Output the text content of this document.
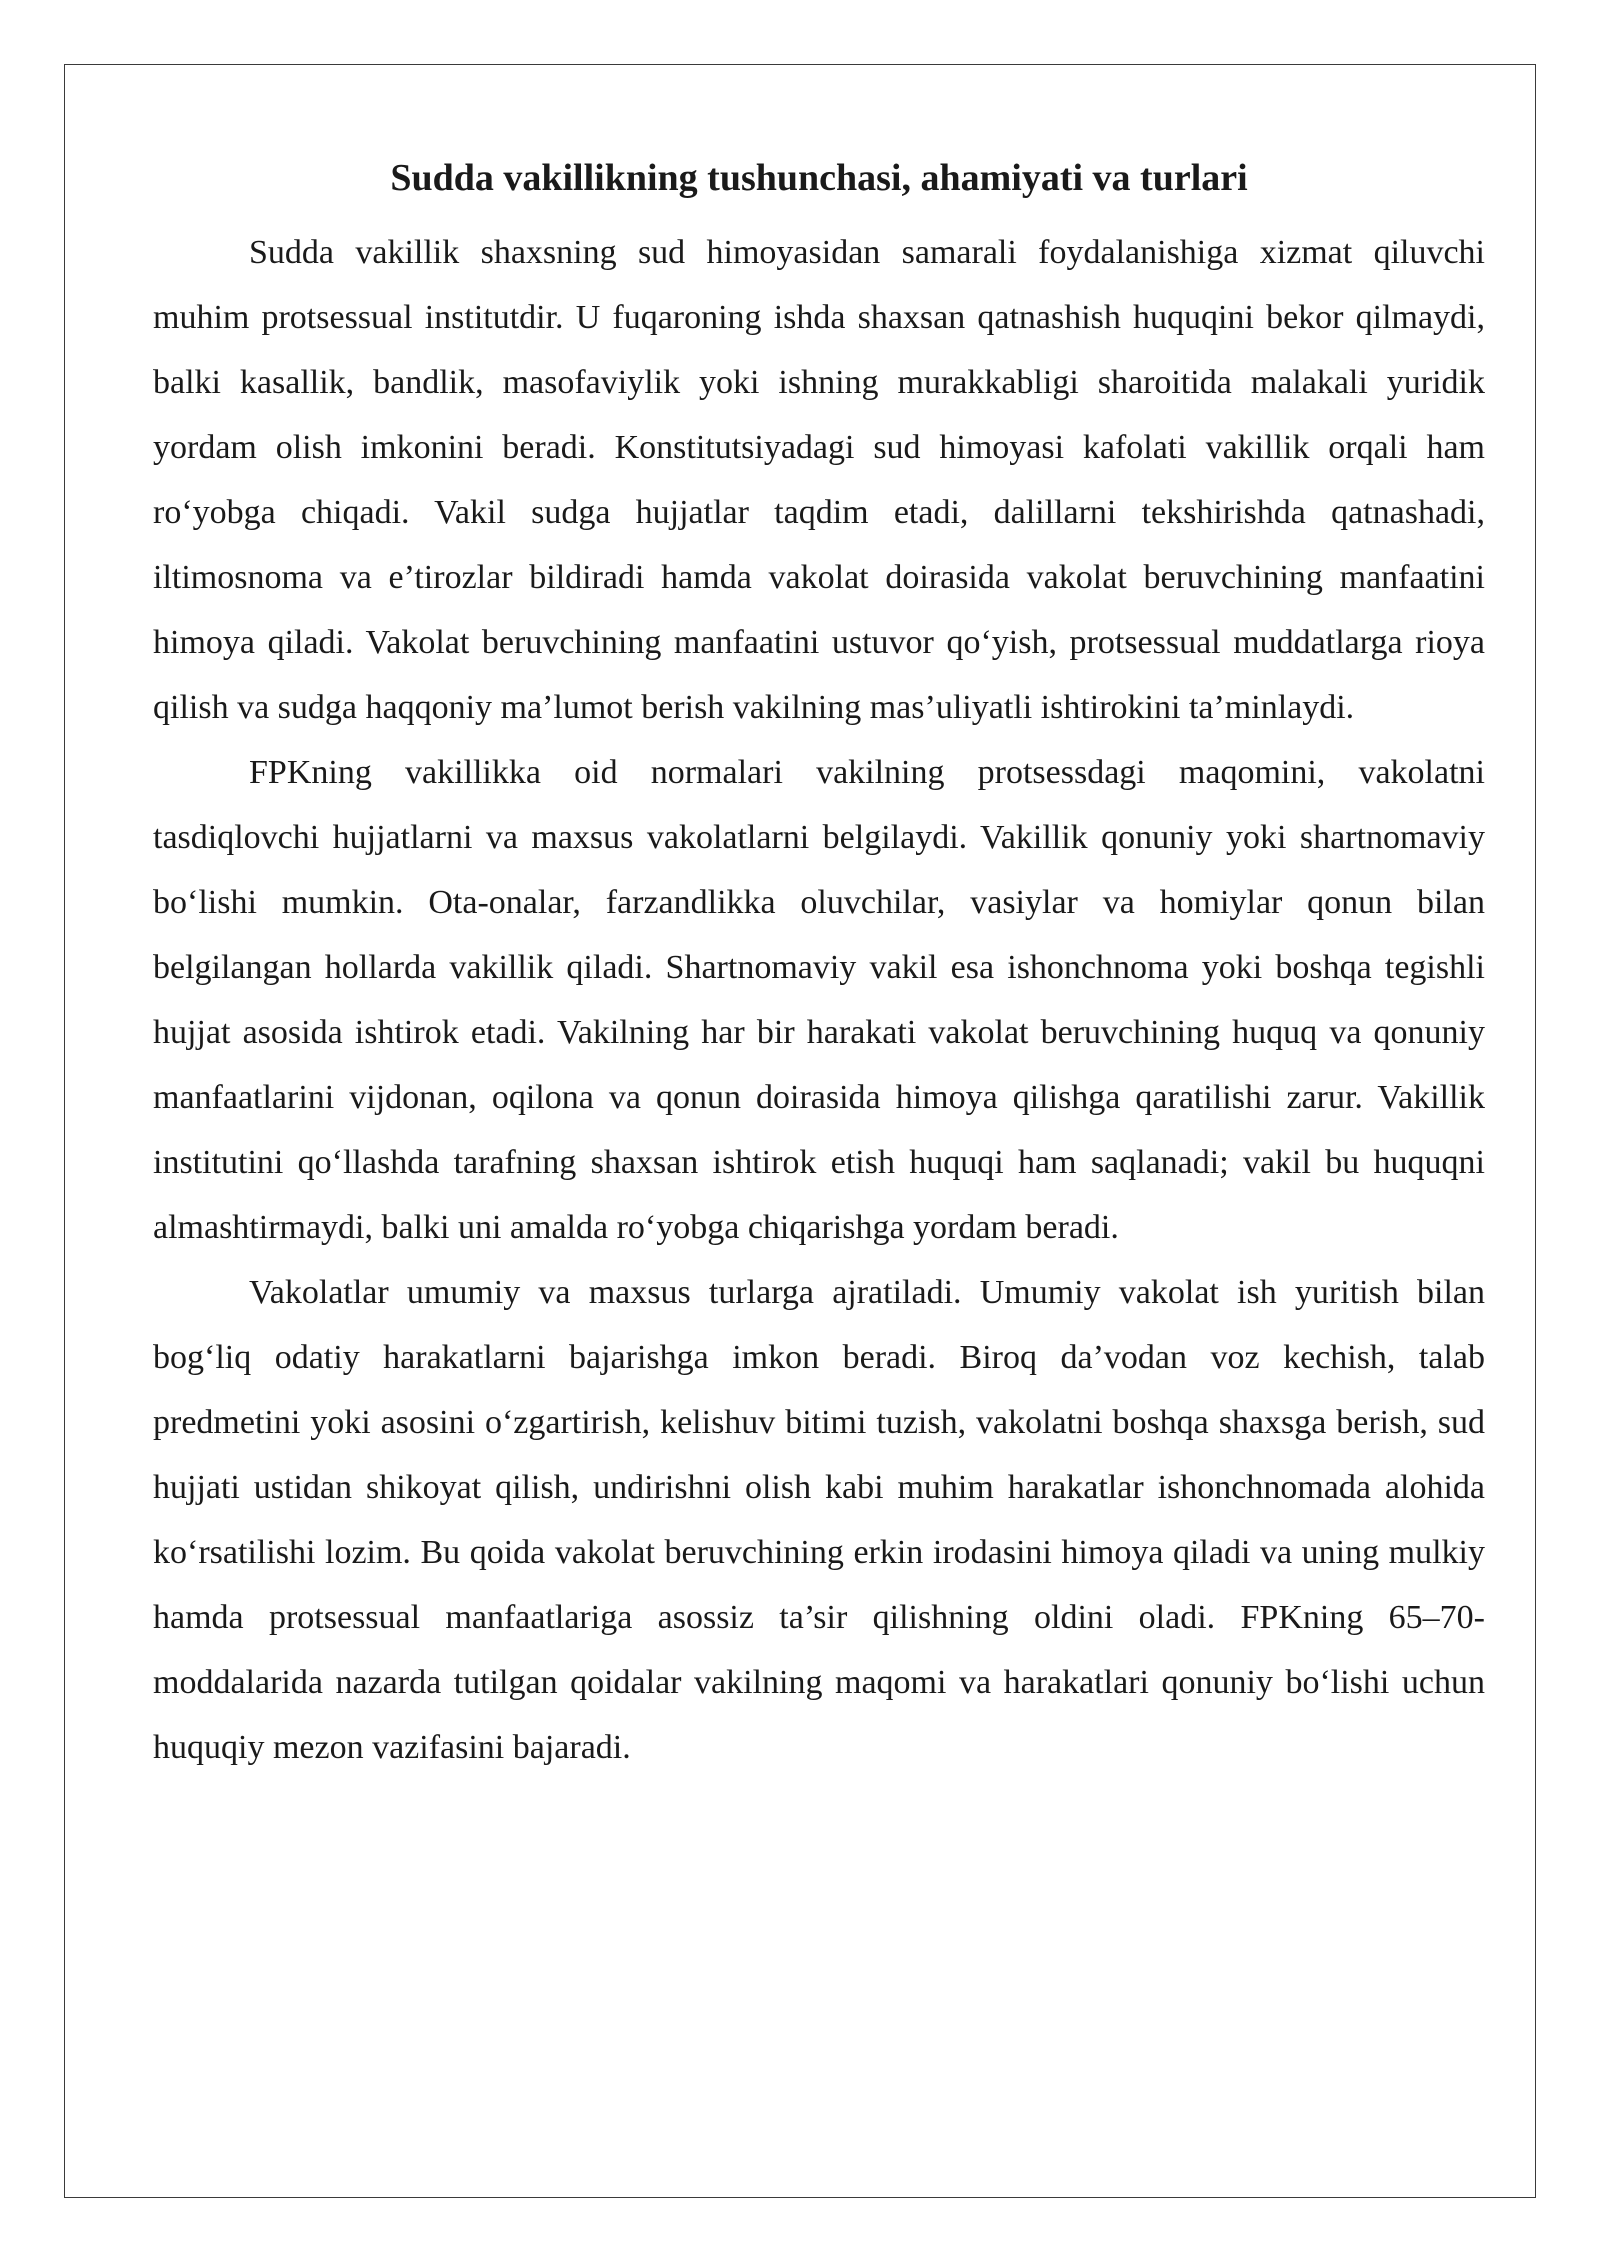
Sudda vakillikning tushunchasi, ahamiyati va turlari

Sudda vakillik shaxsning sud himoyasidan samarali foydalanishiga xizmat qiluvchi muhim protsessual institutdir. U fuqaroning ishda shaxsan qatnashish huquqini bekor qilmaydi, balki kasallik, bandlik, masofaviylik yoki ishning murakkabligi sharoitida malakali yuridik yordam olish imkonini beradi. Konstitutsiyadagi sud himoyasi kafolati vakillik orqali ham ro‘yobga chiqadi. Vakil sudga hujjatlar taqdim etadi, dalillarni tekshirishda qatnashadi, iltimosnoma va e’tirozlar bildiradi hamda vakolat doirasida vakolat beruvchining manfaatini himoya qiladi. Vakolat beruvchining manfaatini ustuvor qo‘yish, protsessual muddatlarga rioya qilish va sudga haqqoniy ma’lumot berish vakilning mas’uliyatli ishtirokini ta’minlaydi.

FPKning vakillikka oid normalari vakilning protsessdagi maqomini, vakolatni tasdiqlovchi hujjatlarni va maxsus vakolatlarni belgilaydi. Vakillik qonuniy yoki shartnomaviy bo‘lishi mumkin. Ota-onalar, farzandlikka oluvchilar, vasiylar va homiylar qonun bilan belgilangan hollarda vakillik qiladi. Shartnomaviy vakil esa ishonchnoma yoki boshqa tegishli hujjat asosida ishtirok etadi. Vakilning har bir harakati vakolat beruvchining huquq va qonuniy manfaatlarini vijdonan, oqilona va qonun doirasida himoya qilishga qaratilishi zarur. Vakillik institutini qo‘llashda tarafning shaxsan ishtirok etish huquqi ham saqlanadi; vakil bu huquqni almashtirmaydi, balki uni amalda ro‘yobga chiqarishga yordam beradi.

Vakolatlar umumiy va maxsus turlarga ajratiladi. Umumiy vakolat ish yuritish bilan bog‘liq odatiy harakatlarni bajarishga imkon beradi. Biroq da’vodan voz kechish, talab predmetini yoki asosini o‘zgartirish, kelishuv bitimi tuzish, vakolatni boshqa shaxsga berish, sud hujjati ustidan shikoyat qilish, undirishni olish kabi muhim harakatlar ishonchnomada alohida ko‘rsatilishi lozim. Bu qoida vakolat beruvchining erkin irodasini himoya qiladi va uning mulkiy hamda protsessual manfaatlariga asossiz ta’sir qilishning oldini oladi. FPKning 65–70-moddalarida nazarda tutilgan qoidalar vakilning maqomi va harakatlari qonuniy bo‘lishi uchun huquqiy mezon vazifasini bajaradi.
